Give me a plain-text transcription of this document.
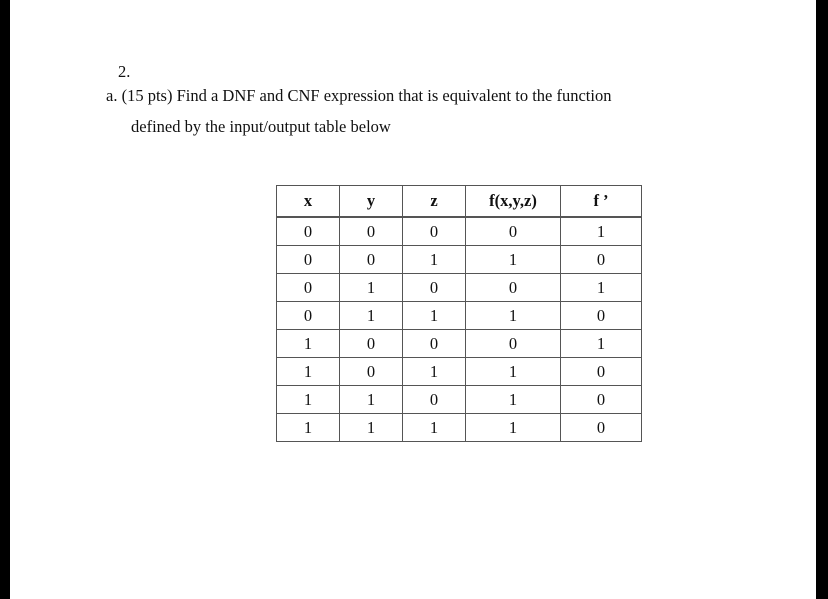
2.
a. (15 pts) Find a DNF and CNF expression that is equivalent to the function
defined by the input/output table below
x	y	z	f(x,y,z)	f ’
0	0	0	0	1
0	0	1	1	0
0	1	0	0	1
0	1	1	1	0
1	0	0	0	1
1	0	1	1	0
1	1	0	1	0
1	1	1	1	0
